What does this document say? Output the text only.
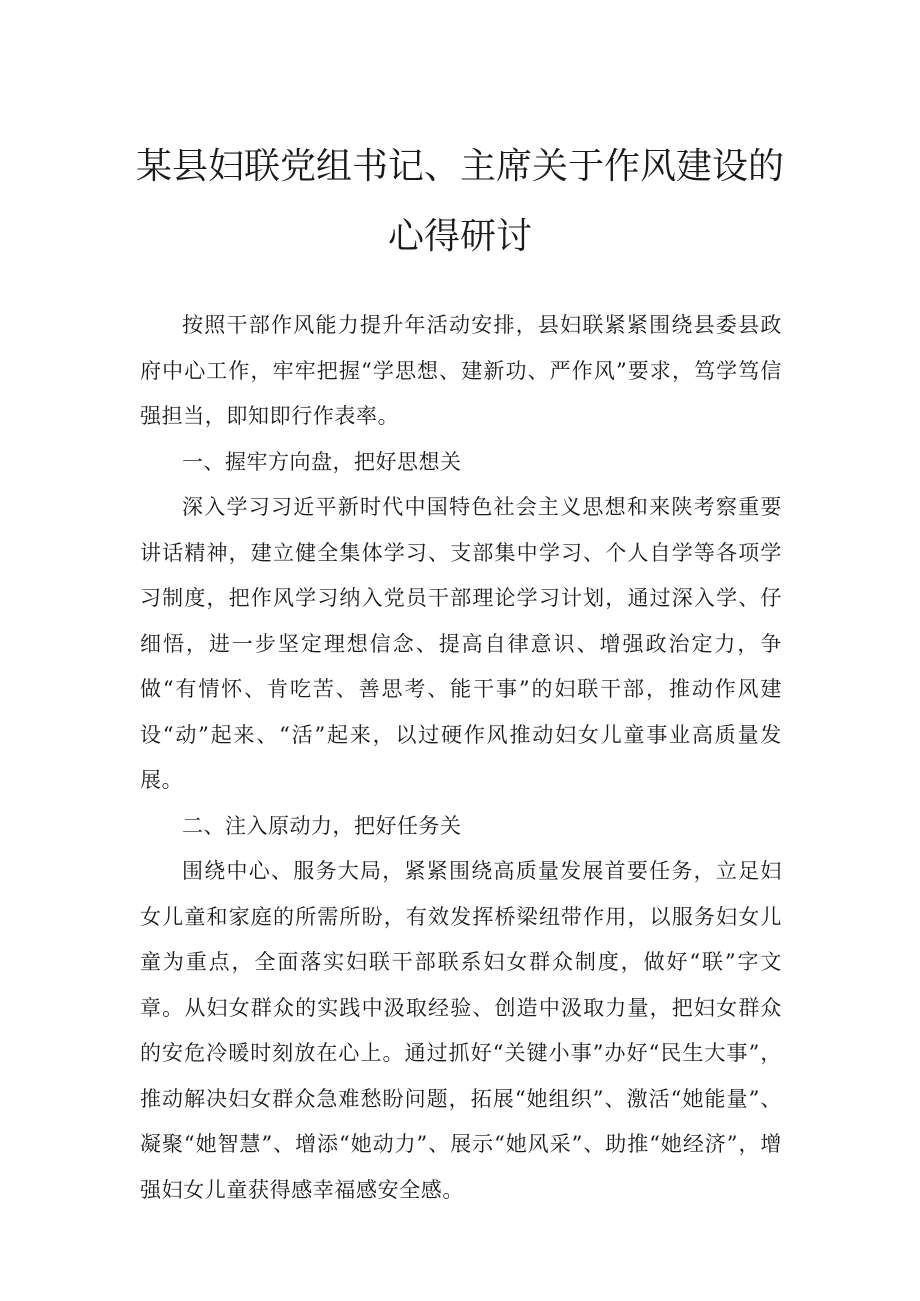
某县妇联党组书记、主席关于作风建设的
心得研讨

按照干部作风能力提升年活动安排，县妇联紧紧围绕县委县政府中心工作，牢牢把握“学思想、建新功、严作风”要求，笃学笃信强担当，即知即行作表率。

一、握牢方向盘，把好思想关

深入学习习近平新时代中国特色社会主义思想和来陕考察重要讲话精神，建立健全集体学习、支部集中学习、个人自学等各项学习制度，把作风学习纳入党员干部理论学习计划，通过深入学、仔细悟，进一步坚定理想信念、提高自律意识、增强政治定力，争做“有情怀、肯吃苦、善思考、能干事”的妇联干部，推动作风建设“动”起来、“活”起来，以过硬作风推动妇女儿童事业高质量发展。

二、注入原动力，把好任务关

围绕中心、服务大局，紧紧围绕高质量发展首要任务，立足妇女儿童和家庭的所需所盼，有效发挥桥梁纽带作用，以服务妇女儿童为重点，全面落实妇联干部联系妇女群众制度，做好“联”字文章。从妇女群众的实践中汲取经验、创造中汲取力量，把妇女群众的安危冷暖时刻放在心上。通过抓好“关键小事”办好“民生大事”，推动解决妇女群众急难愁盼问题，拓展“她组织”、激活“她能量”、凝聚“她智慧”、增添“她动力”、展示“她风采”、助推“她经济”，增强妇女儿童获得感幸福感安全感。
